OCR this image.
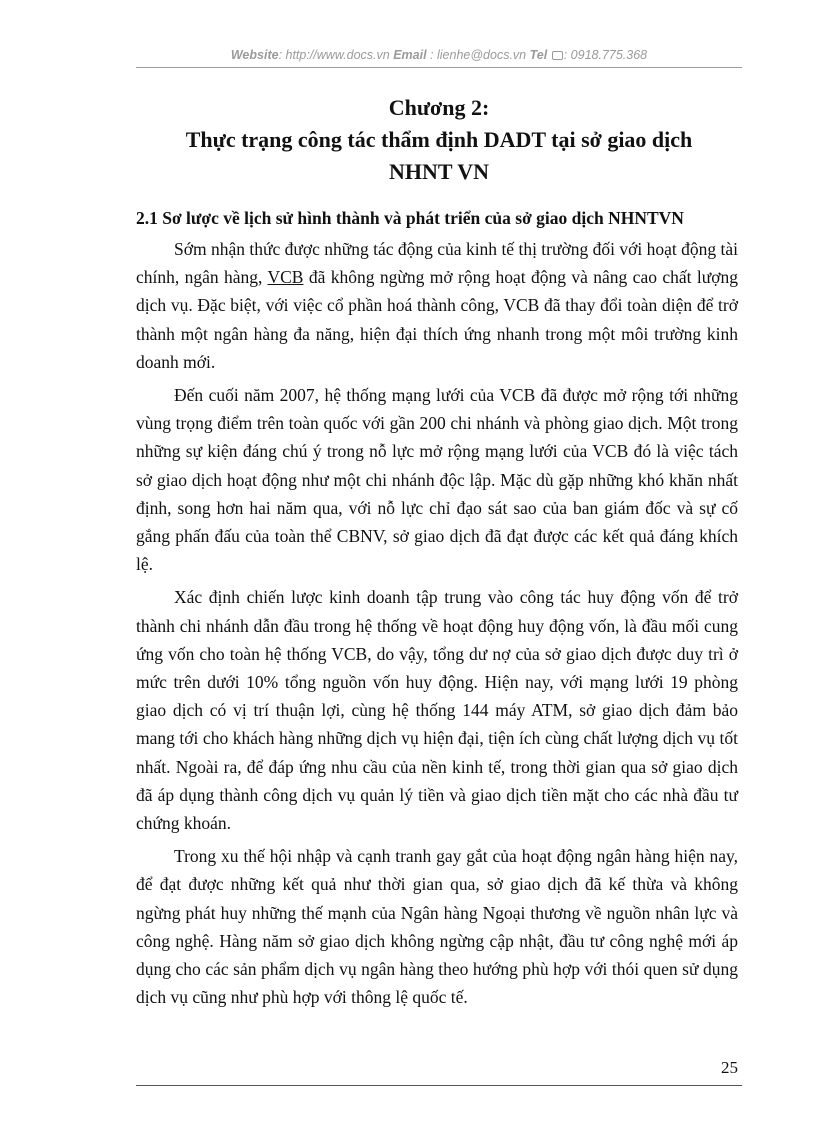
Website: http://www.docs.vn Email : lienhe@docs.vn Tel : 0918.775.368
Chương 2:
Thực trạng công tác thẩm định DADT tại sở giao dịch
NHNT VN
2.1 Sơ lược về lịch sử hình thành và phát triển của sở giao dịch NHNTVN

Sớm nhận thức được những tác động của kinh tế thị trường đối với hoạt động tài chính, ngân hàng, VCB đã không ngừng mở rộng hoạt động và nâng cao chất lượng dịch vụ. Đặc biệt, với việc cổ phần hoá thành công, VCB đã thay đổi toàn diện để trở thành một ngân hàng đa năng, hiện đại thích ứng nhanh trong một môi trường kinh doanh mới.

Đến cuối năm 2007, hệ thống mạng lưới của VCB đã được mở rộng tới những vùng trọng điểm trên toàn quốc với gần 200 chi nhánh và phòng giao dịch. Một trong những sự kiện đáng chú ý trong nỗ lực mở rộng mạng lưới của VCB đó là việc tách sở giao dịch hoạt động như một chi nhánh độc lập. Mặc dù gặp những khó khăn nhất định, song hơn hai năm qua, với nỗ lực chỉ đạo sát sao của ban giám đốc và sự cố gắng phấn đấu của toàn thể CBNV, sở giao dịch đã đạt được các kết quả đáng khích lệ.

Xác định chiến lược kinh doanh tập trung vào công tác huy động vốn để trở thành chi nhánh dẫn đầu trong hệ thống về hoạt động huy động vốn, là đầu mối cung ứng vốn cho toàn hệ thống VCB, do vậy, tổng dư nợ của sở giao dịch được duy trì ở mức trên dưới 10% tổng nguồn vốn huy động. Hiện nay, với mạng lưới 19 phòng giao dịch có vị trí thuận lợi, cùng hệ thống 144 máy ATM, sở giao dịch đảm bảo mang tới cho khách hàng những dịch vụ hiện đại, tiện ích cùng chất lượng dịch vụ tốt nhất. Ngoài ra, để đáp ứng nhu cầu của nền kinh tế, trong thời gian qua sở giao dịch đã áp dụng thành công dịch vụ quản lý tiền và giao dịch tiền mặt cho các nhà đầu tư chứng khoán.

Trong xu thế hội nhập và cạnh tranh gay gắt của hoạt động ngân hàng hiện nay, để đạt được những kết quả như thời gian qua, sở giao dịch đã kế thừa và không ngừng phát huy những thế mạnh của Ngân hàng Ngoại thương về nguồn nhân lực và công nghệ. Hàng năm sở giao dịch không ngừng cập nhật, đầu tư công nghệ mới áp dụng cho các sản phẩm dịch vụ ngân hàng theo hướng phù hợp với thói quen sử dụng dịch vụ cũng như phù hợp với thông lệ quốc tế.

25
